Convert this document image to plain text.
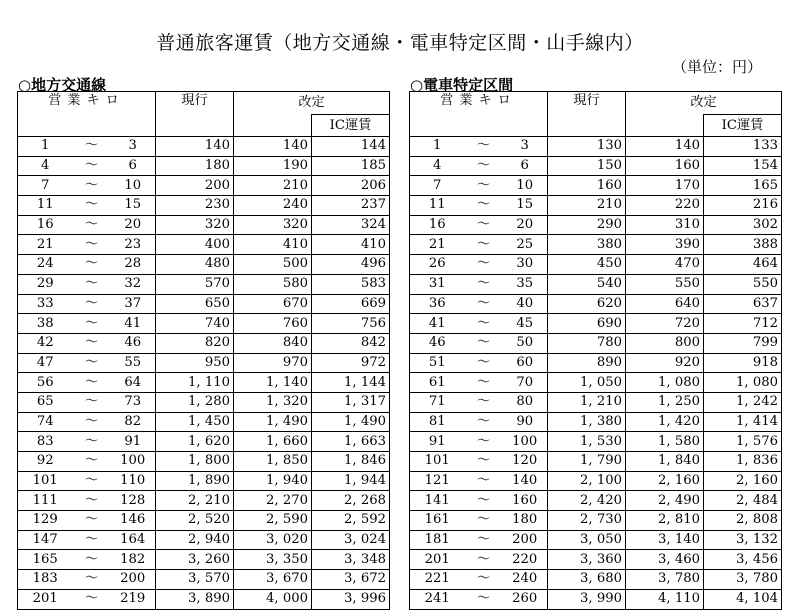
普通旅客運賃（地方交通線・電車特定区間・山手線内）
（単位：円）
○地方交通線	○電車特定区間
営業キロ			現行	改定	
					IC運賃
1	～	3	140	140	144
4	～	6	180	190	185
7	～	10	200	210	206
11	～	15	230	240	237
16	～	20	320	320	324
21	～	23	400	410	410
24	～	28	480	500	496
29	～	32	570	580	583
33	～	37	650	670	669
38	～	41	740	760	756
42	～	46	820	840	842
47	～	55	950	970	972
56	～	64	1, 110	1, 140	1, 144
65	～	73	1, 280	1, 320	1, 317
74	～	82	1, 450	1, 490	1, 490
83	～	91	1, 620	1, 660	1, 663
92	～	100	1, 800	1, 850	1, 846
101	～	110	1, 890	1, 940	1, 944
111	～	128	2, 210	2, 270	2, 268
129	～	146	2, 520	2, 590	2, 592
147	～	164	2, 940	3, 020	3, 024
165	～	182	3, 260	3, 350	3, 348
183	～	200	3, 570	3, 670	3, 672
201	～	219	3, 890	4, 000	3, 996
営業キロ			現行	改定	
					IC運賃
1	～	3	130	140	133
4	～	6	150	160	154
7	～	10	160	170	165
11	～	15	210	220	216
16	～	20	290	310	302
21	～	25	380	390	388
26	～	30	450	470	464
31	～	35	540	550	550
36	～	40	620	640	637
41	～	45	690	720	712
46	～	50	780	800	799
51	～	60	890	920	918
61	～	70	1, 050	1, 080	1, 080
71	～	80	1, 210	1, 250	1, 242
81	～	90	1, 380	1, 420	1, 414
91	～	100	1, 530	1, 580	1, 576
101	～	120	1, 790	1, 840	1, 836
121	～	140	2, 100	2, 160	2, 160
141	～	160	2, 420	2, 490	2, 484
161	～	180	2, 730	2, 810	2, 808
181	～	200	3, 050	3, 140	3, 132
201	～	220	3, 360	3, 460	3, 456
221	～	240	3, 680	3, 780	3, 780
241	～	260	3, 990	4, 110	4, 104
